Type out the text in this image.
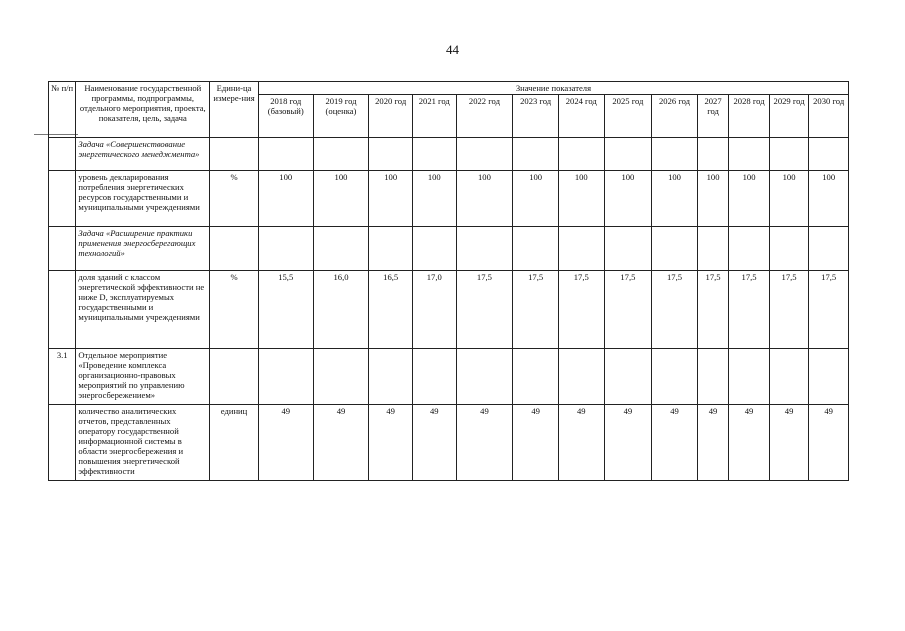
44
№ п/п	Наименование государственной программы, подпрограммы, отдельного мероприятия, проекта, показателя, цель, задача	Едини-ца измере-ния	Значение показателя												
			2018 год (базовый)	2019 год (оценка)	2020 год	2021 год	2022 год	2023 год	2024 год	2025 год	2026 год	2027 год	2028 год	2029 год	2030 год
	Задача «Совершенствование энергетического менеджмента»														
	уровень декларирования потребления энергетических ресурсов государственными и муниципальными учреждениями	%	100	100	100	100	100	100	100	100	100	100	100	100	100
	Задача «Расширение практики применения энергосберегающих технологий»														
	доля зданий с классом энергетической эффективности не ниже D, эксплуатируемых государственными и муниципальными учреждениями	%	15,5	16,0	16,5	17,0	17,5	17,5	17,5	17,5	17,5	17,5	17,5	17,5	17,5
3.1	Отдельное мероприятие «Проведение комплекса организационно-правовых мероприятий по управлению энергосбережением»														
	количество аналитических отчетов, представленных оператору государственной информационной системы в области энергосбережения и повышения энергетической эффективности	единиц	49	49	49	49	49	49	49	49	49	49	49	49	49
